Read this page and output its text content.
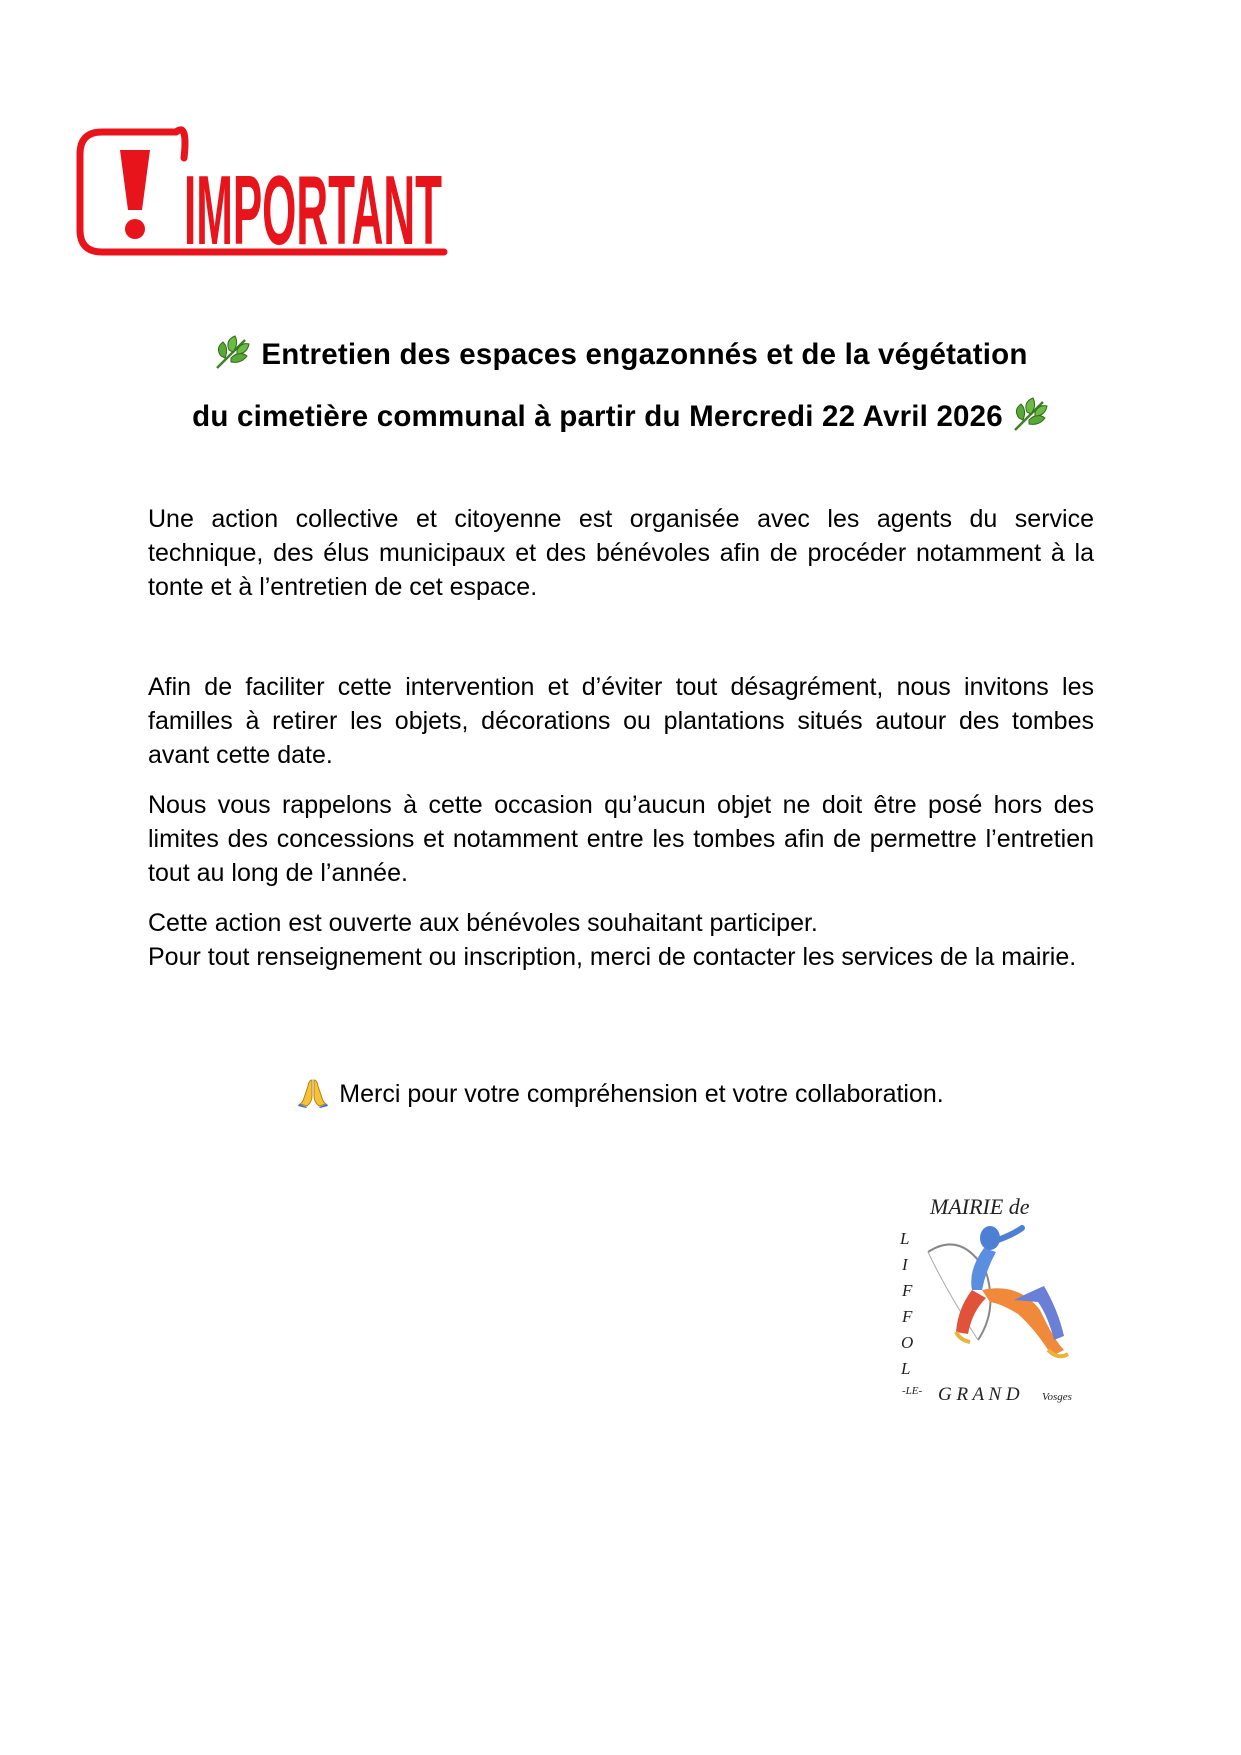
IMPORTANT
Entretien des espaces engazonnés et de la végétation
du cimetière communal à partir du Mercredi 22 Avril 2026

Une action collective et citoyenne est organisée avec les agents du service technique, des élus municipaux et des bénévoles afin de procéder notamment à la tonte et à l’entretien de cet espace.

Afin de faciliter cette intervention et d’éviter tout désagrément, nous invitons les familles à retirer les objets, décorations ou plantations situés autour des tombes avant cette date.

Nous vous rappelons à cette occasion qu’aucun objet ne doit être posé hors des limites des concessions et notamment entre les tombes afin de permettre l’entretien tout au long de l’année.

Cette action est ouverte aux bénévoles souhaitant participer.

Pour tout renseignement ou inscription, merci de contacter les services de la mairie.

Merci pour votre compréhension et votre collaboration.
MAIRIE de
L
I
F
F
O
L
-LE- G R A N D Vosges
